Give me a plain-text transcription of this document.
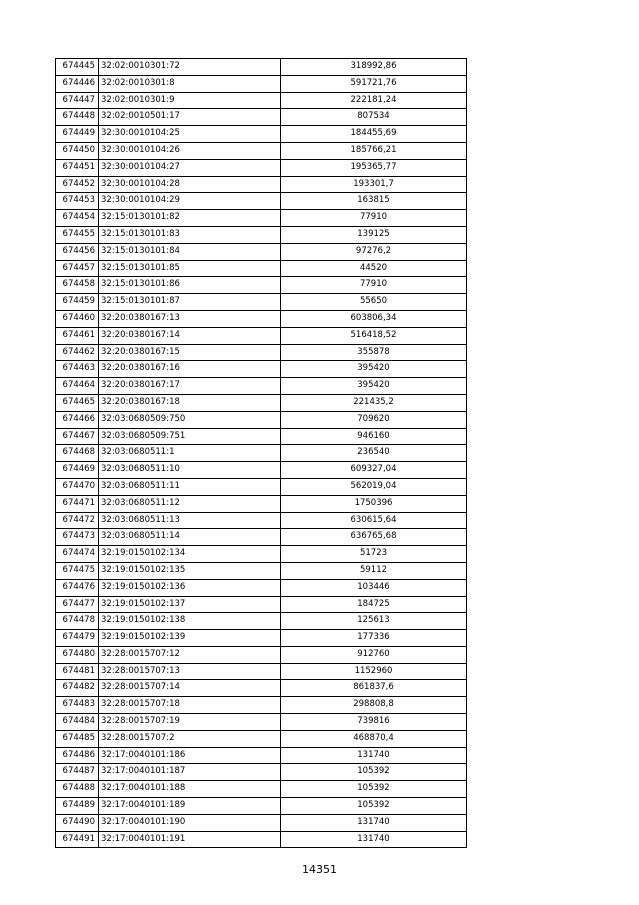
674445	32:02:0010301:72	318992,86
674446	32:02:0010301:8	591721,76
674447	32:02:0010301:9	222181,24
674448	32:02:0010501:17	807534
674449	32:30:0010104:25	184455,69
674450	32:30:0010104:26	185766,21
674451	32:30:0010104:27	195365,77
674452	32:30:0010104:28	193301,7
674453	32:30:0010104:29	163815
674454	32:15:0130101:82	77910
674455	32:15:0130101:83	139125
674456	32:15:0130101:84	97276,2
674457	32:15:0130101:85	44520
674458	32:15:0130101:86	77910
674459	32:15:0130101:87	55650
674460	32:20:0380167:13	603806,34
674461	32:20:0380167:14	516418,52
674462	32:20:0380167:15	355878
674463	32:20:0380167:16	395420
674464	32:20:0380167:17	395420
674465	32:20:0380167:18	221435,2
674466	32:03:0680509:750	709620
674467	32:03:0680509:751	946160
674468	32:03:0680511:1	236540
674469	32:03:0680511:10	609327,04
674470	32:03:0680511:11	562019,04
674471	32:03:0680511:12	1750396
674472	32:03:0680511:13	630615,64
674473	32:03:0680511:14	636765,68
674474	32:19:0150102:134	51723
674475	32:19:0150102:135	59112
674476	32:19:0150102:136	103446
674477	32:19:0150102:137	184725
674478	32:19:0150102:138	125613
674479	32:19:0150102:139	177336
674480	32:28:0015707:12	912760
674481	32:28:0015707:13	1152960
674482	32:28:0015707:14	861837,6
674483	32:28:0015707:18	298808,8
674484	32:28:0015707:19	739816
674485	32:28:0015707:2	468870,4
674486	32:17:0040101:186	131740
674487	32:17:0040101:187	105392
674488	32:17:0040101:188	105392
674489	32:17:0040101:189	105392
674490	32:17:0040101:190	131740
674491	32:17:0040101:191	131740
14351
